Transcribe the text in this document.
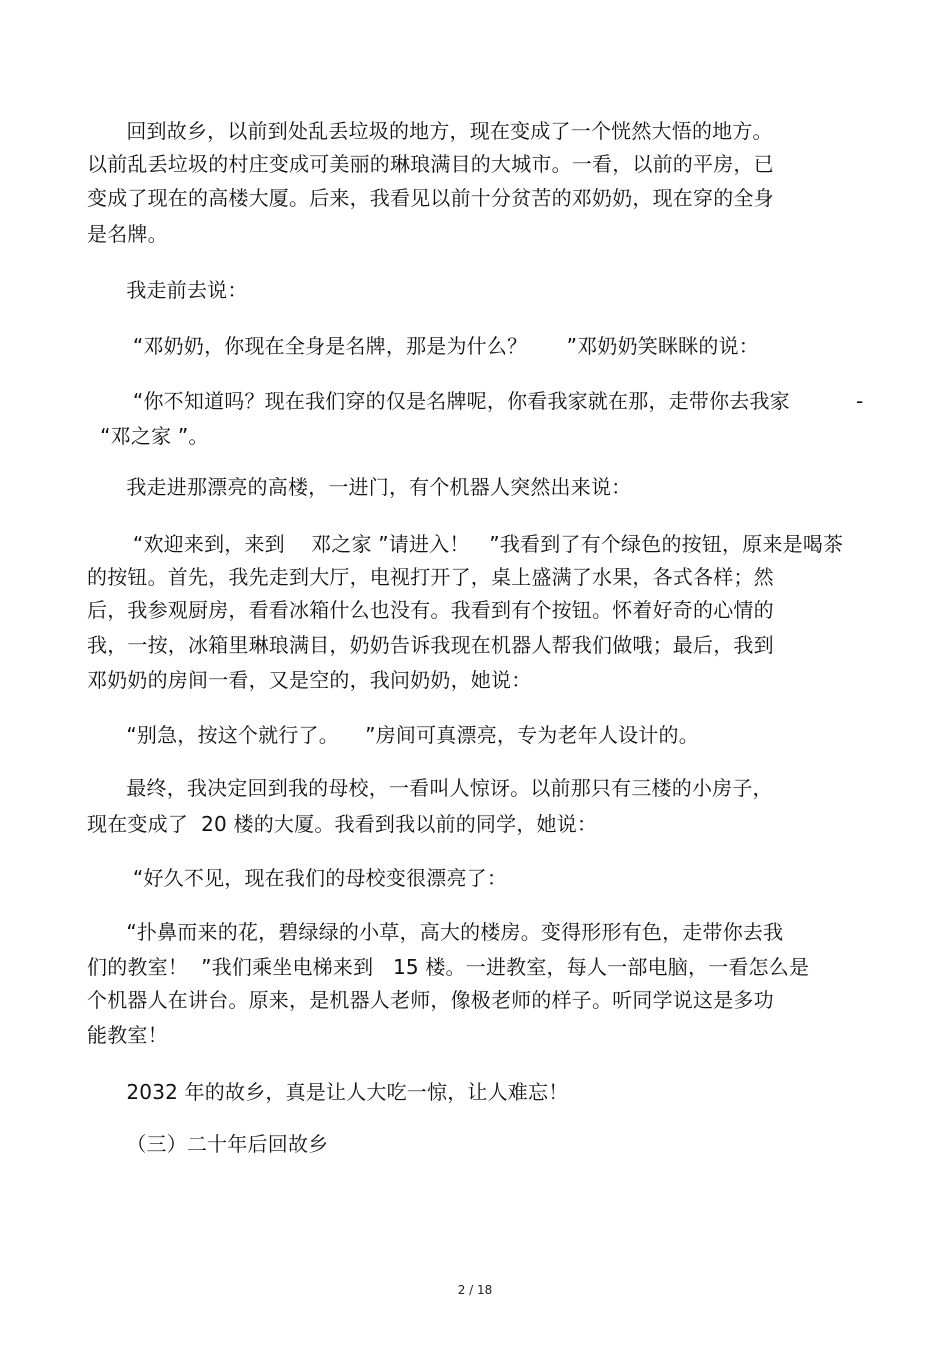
回到故乡，以前到处乱丢垃圾的地方，现在变成了一个恍然大悟的地方。
以前乱丢垃圾的村庄变成可美丽的琳琅满目的大城市。一看，以前的平房，已
变成了现在的高楼大厦。后来，我看见以前十分贫苦的邓奶奶，现在穿的全身
是名牌。
我走前去说：
“邓奶奶，你现在全身是名牌，那是为什么？      ”邓奶奶笑眯眯的说：
“你不知道吗？现在我们穿的仅是名牌呢，你看我家就在那，走带你去我家	-
“邓之家 ”。
我走进那漂亮的高楼，一进门，有个机器人突然出来说：
“欢迎来到，来到    邓之家 ”请进入！   ”我看到了有个绿色的按钮，原来是喝茶
的按钮。首先，我先走到大厅，电视打开了，桌上盛满了水果，各式各样；然
后，我参观厨房，看看冰箱什么也没有。我看到有个按钮。怀着好奇的心情的
我，一按，冰箱里琳琅满目，奶奶告诉我现在机器人帮我们做哦；最后，我到
邓奶奶的房间一看，又是空的，我问奶奶，她说：
“别急，按这个就行了。    ”房间可真漂亮，专为老年人设计的。
最终，我决定回到我的母校，一看叫人惊讶。以前那只有三楼的小房子，
现在变成了  20 楼的大厦。我看到我以前的同学，她说：
“好久不见，现在我们的母校变很漂亮了：
“扑鼻而来的花，碧绿绿的小草，高大的楼房。变得形形有色，走带你去我
们的教室！  ”我们乘坐电梯来到   15 楼。一进教室，每人一部电脑，一看怎么是
个机器人在讲台。原来，是机器人老师，像极老师的样子。听同学说这是多功
能教室！
2032 年的故乡，真是让人大吃一惊，让人难忘！
（三）二十年后回故乡
2 / 18
